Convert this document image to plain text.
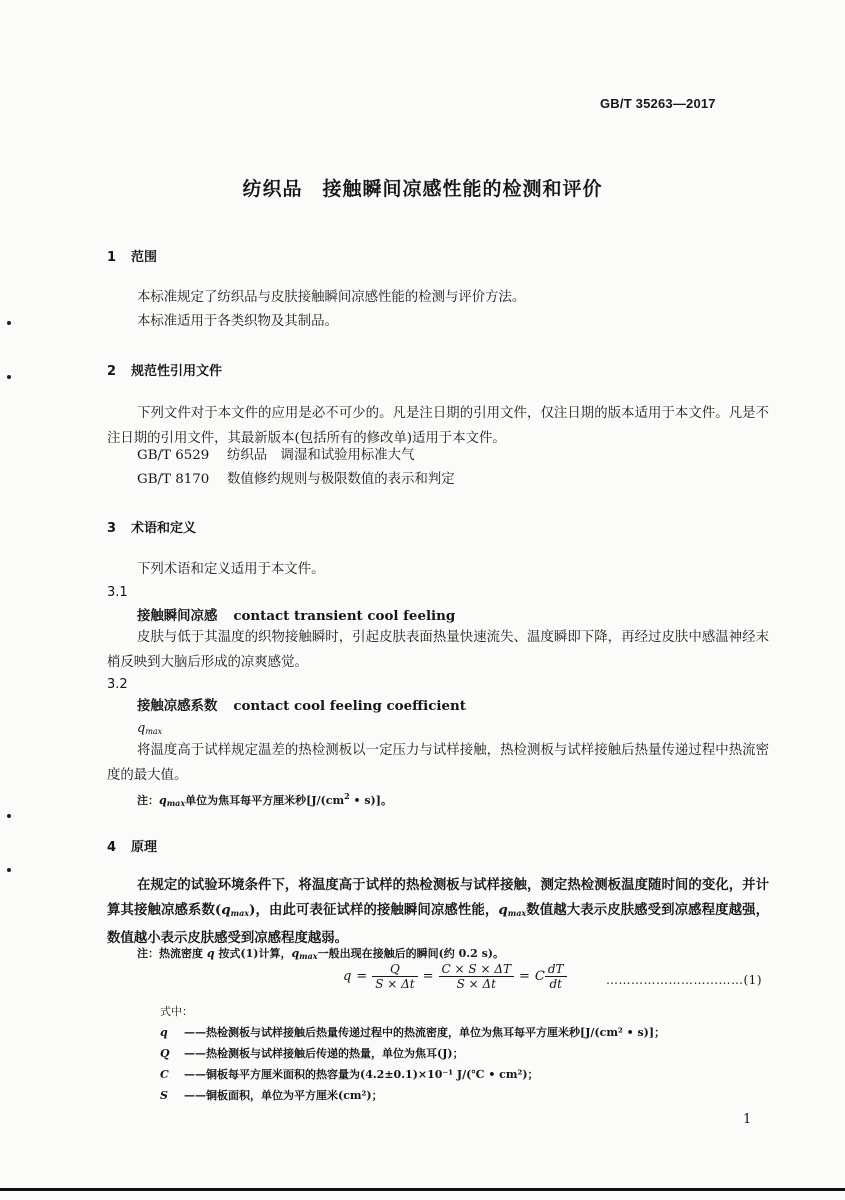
GB/T 35263—2017
纺织品 接触瞬间凉感性能的检测和评价
1 范围
本标准规定了纺织品与皮肤接触瞬间凉感性能的检测与评价方法。
本标准适用于各类织物及其制品。
2 规范性引用文件
下列文件对于本文件的应用是必不可少的。凡是注日期的引用文件，仅注日期的版本适用于本文件。凡是不注日期的引用文件，其最新版本(包括所有的修改单)适用于本文件。
GB/T 6529 纺织品　调湿和试验用标准大气
GB/T 8170 数值修约规则与极限数值的表示和判定
3 术语和定义
下列术语和定义适用于本文件。
3.1
接触瞬间凉感 contact transient cool feeling
皮肤与低于其温度的织物接触瞬时，引起皮肤表面热量快速流失、温度瞬即下降，再经过皮肤中感温神经末梢反映到大脑后形成的凉爽感觉。
3.2
接触凉感系数 contact cool feeling coefficient
$q_{max}$
将温度高于试样规定温差的热检测板以一定压力与试样接触，热检测板与试样接触后热量传递过程中热流密度的最大值。
注：$q_{max}$单位为焦耳每平方厘米秒[$J/(cm^2$ • s)]。
4 原理
在规定的试验环境条件下，将温度高于试样的热检测板与试样接触，测定热检测板温度随时间的变化，并计算其接触凉感系数$(q_{max})$，由此可表征试样的接触瞬间凉感性能，$q_{max}$数值越大表示皮肤感受到凉感程度越强，数值越小表示皮肤感受到凉感程度越弱。
注：热流密度 q 按式(1)计算，$q_{max}$一般出现在接触后的瞬间(约 0.2 s)。
$q = \frac{Q}{S \times \Delta t} = \frac{C \times S \times \Delta T}{S \times \Delta t} = C \frac{dT}{dt}$	……………………………(1)
式中：
q ——热检测板与试样接触后热量传递过程中的热流密度，单位为焦耳每平方厘米秒[J/(cm² • s)]；
Q ——热检测板与试样接触后传递的热量，单位为焦耳(J)；
C ——铜板每平方厘米面积的热容量为(4.2±0.1)×10⁻¹ J/(℃ • cm²)；
S ——铜板面积，单位为平方厘米(cm²)；
1
